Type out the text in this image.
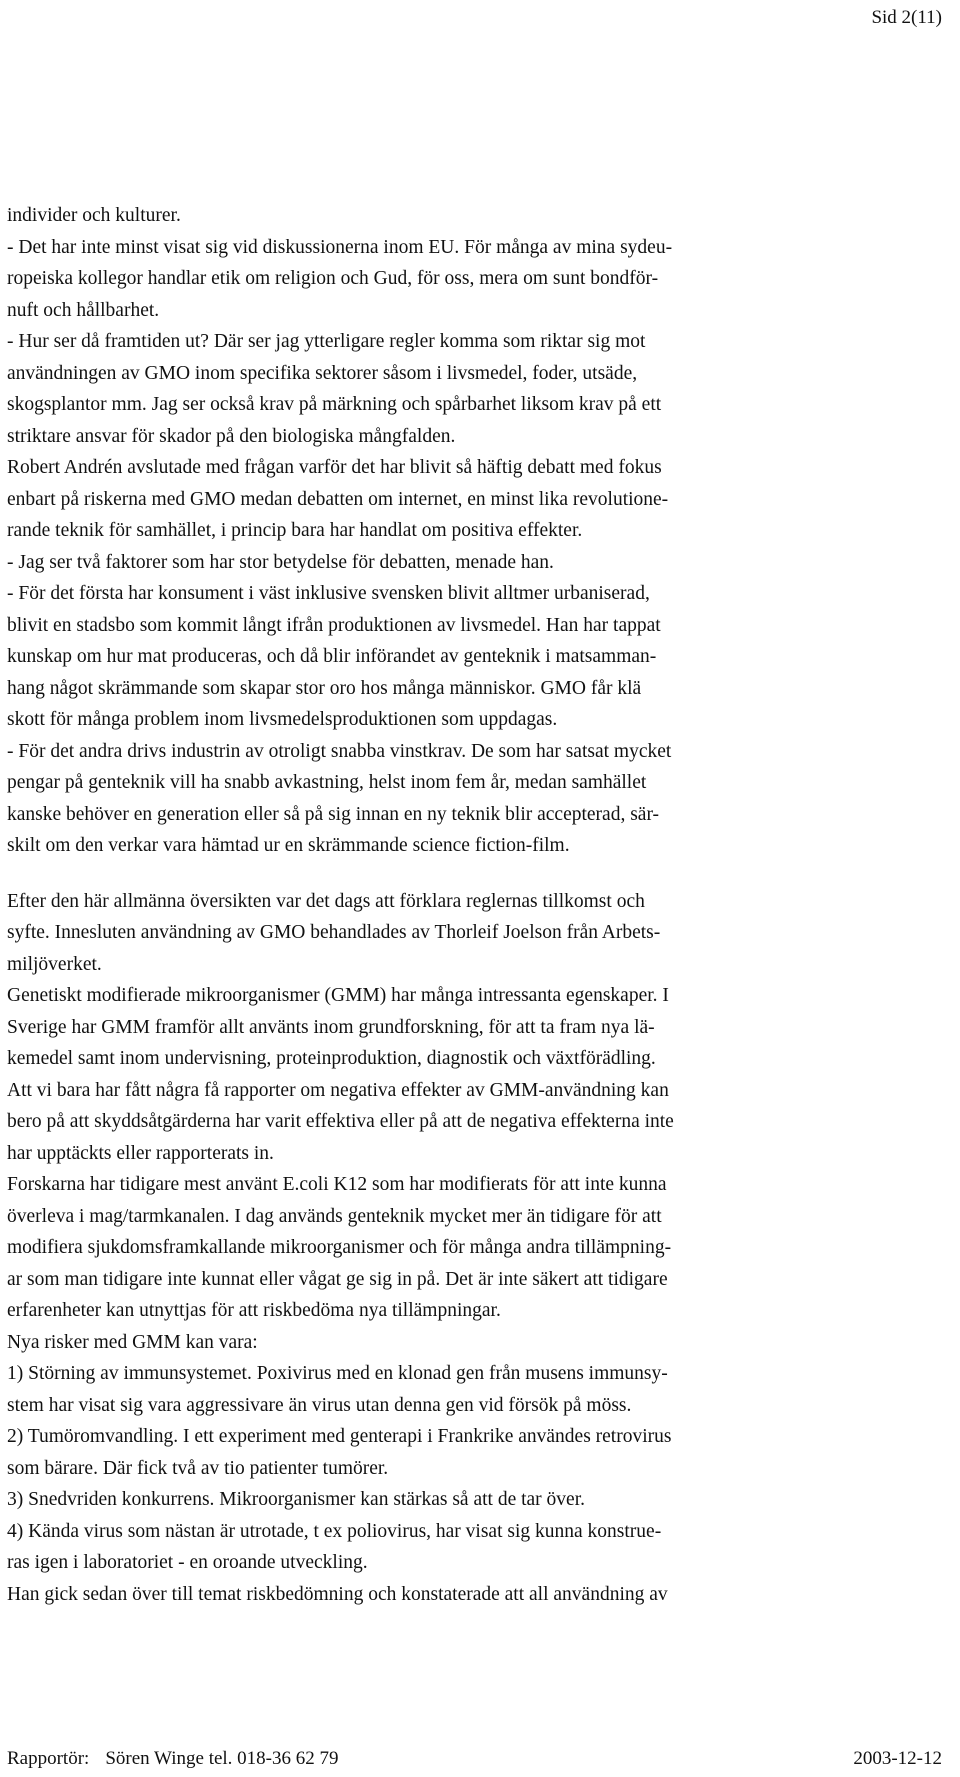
Sid 2(11)
individer och kulturer.
- Det har inte minst visat sig vid diskussionerna inom EU. För många av mina sydeu-
ropeiska kollegor handlar etik om religion och Gud, för oss, mera om sunt bondför-
nuft och hållbarhet.
- Hur ser då framtiden ut? Där ser jag ytterligare regler komma som riktar sig mot
användningen av GMO inom specifika sektorer såsom i livsmedel, foder, utsäde,
skogsplantor mm. Jag ser också krav på märkning och spårbarhet liksom krav på ett
striktare ansvar för skador på den biologiska mångfalden.
Robert Andrén avslutade med frågan varför det har blivit så häftig debatt med fokus
enbart på riskerna med GMO medan debatten om internet, en minst lika revolutione-
rande teknik för samhället, i princip bara har handlat om positiva effekter.
- Jag ser två faktorer som har stor betydelse för debatten, menade han.
- För det första har konsument i väst inklusive svensken blivit alltmer urbaniserad,
blivit en stadsbo som kommit långt ifrån produktionen av livsmedel. Han har tappat
kunskap om hur mat produceras, och då blir införandet av genteknik i matsamman-
hang något skrämmande som skapar stor oro hos många människor. GMO får klä
skott för många problem inom livsmedelsproduktionen som uppdagas.
- För det andra drivs industrin av otroligt snabba vinstkrav. De som har satsat mycket
pengar på genteknik vill ha snabb avkastning, helst inom fem år, medan samhället
kanske behöver en generation eller så på sig innan en ny teknik blir accepterad, sär-
skilt om den verkar vara hämtad ur en skrämmande science fiction-film.
Efter den här allmänna översikten var det dags att förklara reglernas tillkomst och
syfte. Innesluten användning av GMO behandlades av Thorleif Joelson från Arbets-
miljöverket.
Genetiskt modifierade mikroorganismer (GMM) har många intressanta egenskaper. I
Sverige har GMM framför allt använts inom grundforskning, för att ta fram nya lä-
kemedel samt inom undervisning, proteinproduktion, diagnostik och växtförädling.
Att vi bara har fått några få rapporter om negativa effekter av GMM-användning kan
bero på att skyddsåtgärderna har varit effektiva eller på att de negativa effekterna inte
har upptäckts eller rapporterats in.
Forskarna har tidigare mest använt E.coli K12 som har modifierats för att inte kunna
överleva i mag/tarmkanalen. I dag används genteknik mycket mer än tidigare för att
modifiera sjukdomsframkallande mikroorganismer och för många andra tillämpning-
ar som man tidigare inte kunnat eller vågat ge sig in på. Det är inte säkert att tidigare
erfarenheter kan utnyttjas för att riskbedöma nya tillämpningar.
Nya risker med GMM kan vara:
1) Störning av immunsystemet. Poxivirus med en klonad gen från musens immunsy-
stem har visat sig vara aggressivare än virus utan denna gen vid försök på möss.
2) Tumöromvandling. I ett experiment med genterapi i Frankrike användes retrovirus
som bärare. Där fick två av tio patienter tumörer.
3) Snedvriden konkurrens. Mikroorganismer kan stärkas så att de tar över.
4) Kända virus som nästan är utrotade, t ex poliovirus, har visat sig kunna konstrue-
ras igen i laboratoriet - en oroande utveckling.
Han gick sedan över till temat riskbedömning och konstaterade att all användning av
Rapportör: Sören Winge tel. 018-36 62 79	2003-12-12
